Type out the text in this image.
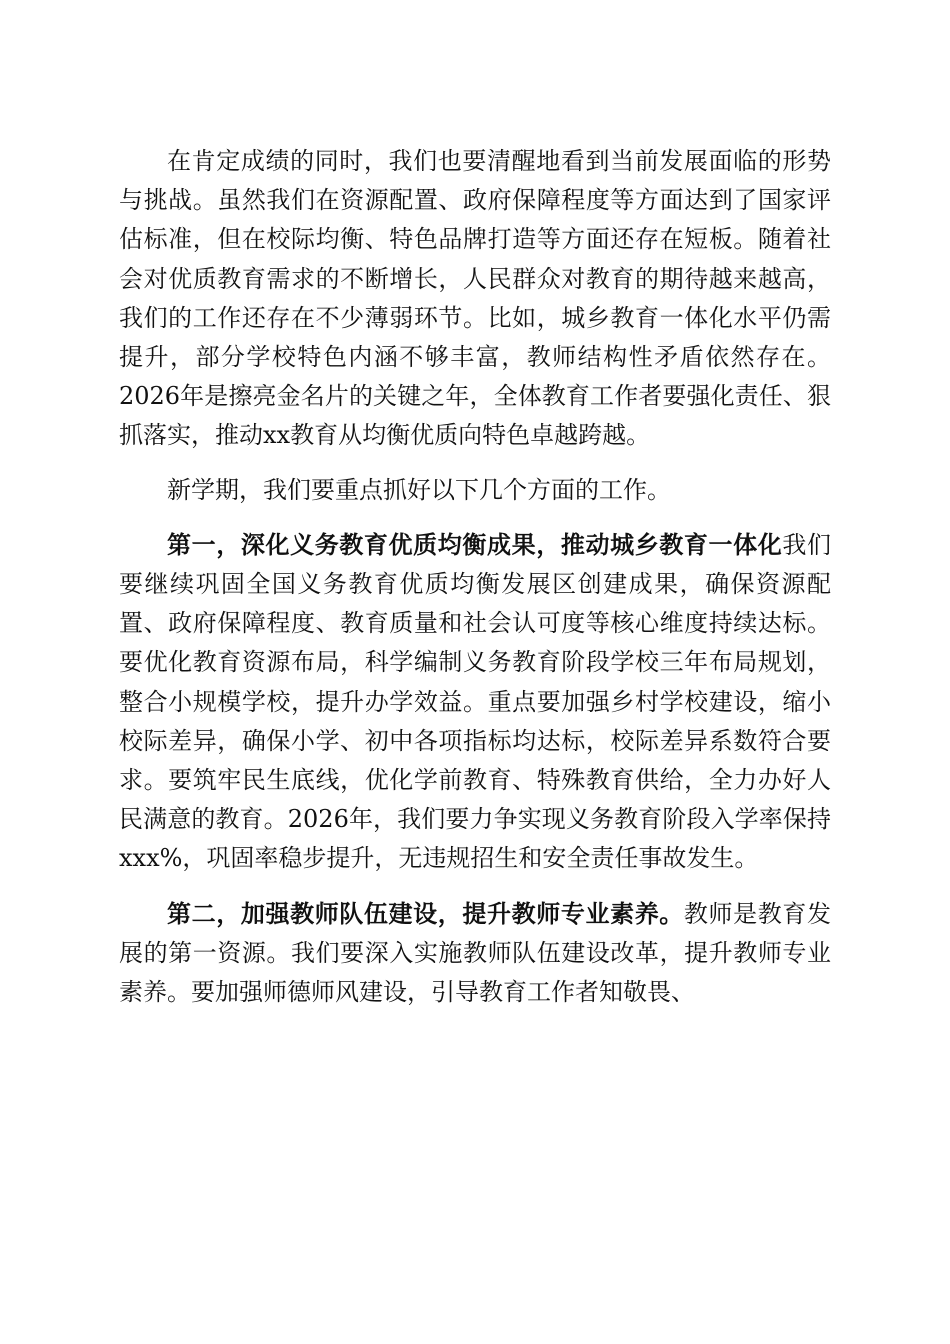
在肯定成绩的同时，我们也要清醒地看到当前发展面临的形势与挑战。虽然我们在资源配置、政府保障程度等方面达到了国家评估标准，但在校际均衡、特色品牌打造等方面还存在短板。随着社会对优质教育需求的不断增长，人民群众对教育的期待越来越高，我们的工作还存在不少薄弱环节。比如，城乡教育一体化水平仍需提升，部分学校特色内涵不够丰富，教师结构性矛盾依然存在。2026年是擦亮金名片的关键之年，全体教育工作者要强化责任、狠抓落实，推动xx教育从均衡优质向特色卓越跨越。

新学期，我们要重点抓好以下几个方面的工作。

第一，深化义务教育优质均衡成果，推动城乡教育一体化我们要继续巩固全国义务教育优质均衡发展区创建成果，确保资源配置、政府保障程度、教育质量和社会认可度等核心维度持续达标。要优化教育资源布局，科学编制义务教育阶段学校三年布局规划，整合小规模学校，提升办学效益。重点要加强乡村学校建设，缩小校际差异，确保小学、初中各项指标均达标，校际差异系数符合要求。要筑牢民生底线，优化学前教育、特殊教育供给，全力办好人民满意的教育。2026年，我们要力争实现义务教育阶段入学率保持xxx%，巩固率稳步提升，无违规招生和安全责任事故发生。

第二，加强教师队伍建设，提升教师专业素养。教师是教育发展的第一资源。我们要深入实施教师队伍建设改革，提升教师专业素养。要加强师德师风建设，引导教育工作者知敬畏、
